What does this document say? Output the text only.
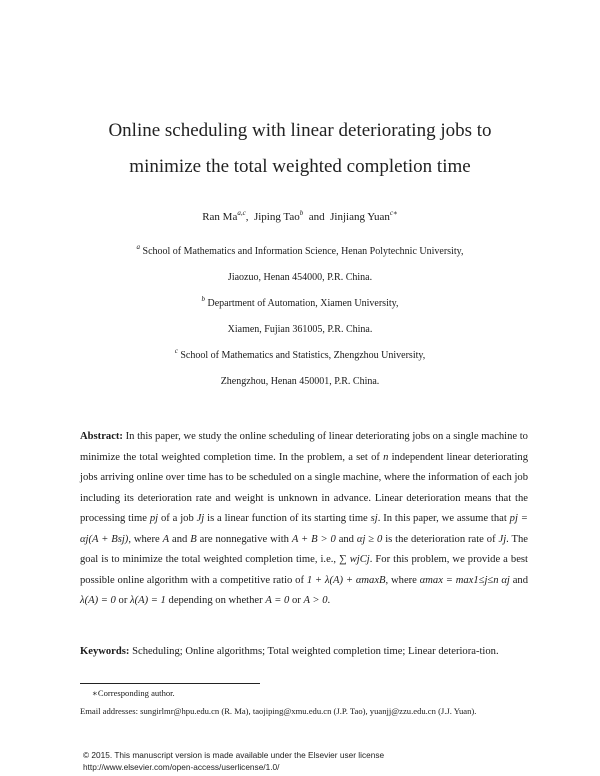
Online scheduling with linear deteriorating jobs to
minimize the total weighted completion time
Ran Ma$^{a,c}$,  Jiping Tao$^b$ and Jinjiang Yuan$^{c∗}$
$^a$ School of Mathematics and Information Science, Henan Polytechnic University,
Jiaozuo, Henan 454000, P.R. China.
$^b$ Department of Automation, Xiamen University,
Xiamen, Fujian 361005, P.R. China.
$^c$ School of Mathematics and Statistics, Zhengzhou University,
Zhengzhou, Henan 450001, P.R. China.
Abstract: In this paper, we study the online scheduling of linear deteriorating jobs on a single machine to minimize the total weighted completion time. In the problem, a set of n independent linear deteriorating jobs arriving online over time has to be scheduled on a single machine, where the information of each job including its deterioration rate and weight is unknown in advance. Linear deterioration means that the processing time pj of a job Jj is a linear function of its starting time sj. In this paper, we assume that pj = αj(A + Bsj), where A and B are nonnegative with A + B > 0 and αj ≥ 0 is the deterioration rate of Jj. The goal is to minimize the total weighted completion time, i.e., ∑ wjCj. For this problem, we provide a best possible online algorithm with a competitive ratio of 1 + λ(A) + αmaxB, where αmax = max1≤j≤n αj and λ(A) = 0 or λ(A) = 1 depending on whether A = 0 or A > 0.
Keywords: Scheduling; Online algorithms; Total weighted completion time; Linear deteriora-tion.
∗Corresponding author.
Email addresses: sungirlmr@hpu.edu.cn (R. Ma), taojiping@xmu.edu.cn (J.P. Tao), yuanjj@zzu.edu.cn (J.J. Yuan).
© 2015. This manuscript version is made available under the Elsevier user license
http://www.elsevier.com/open-access/userlicense/1.0/
